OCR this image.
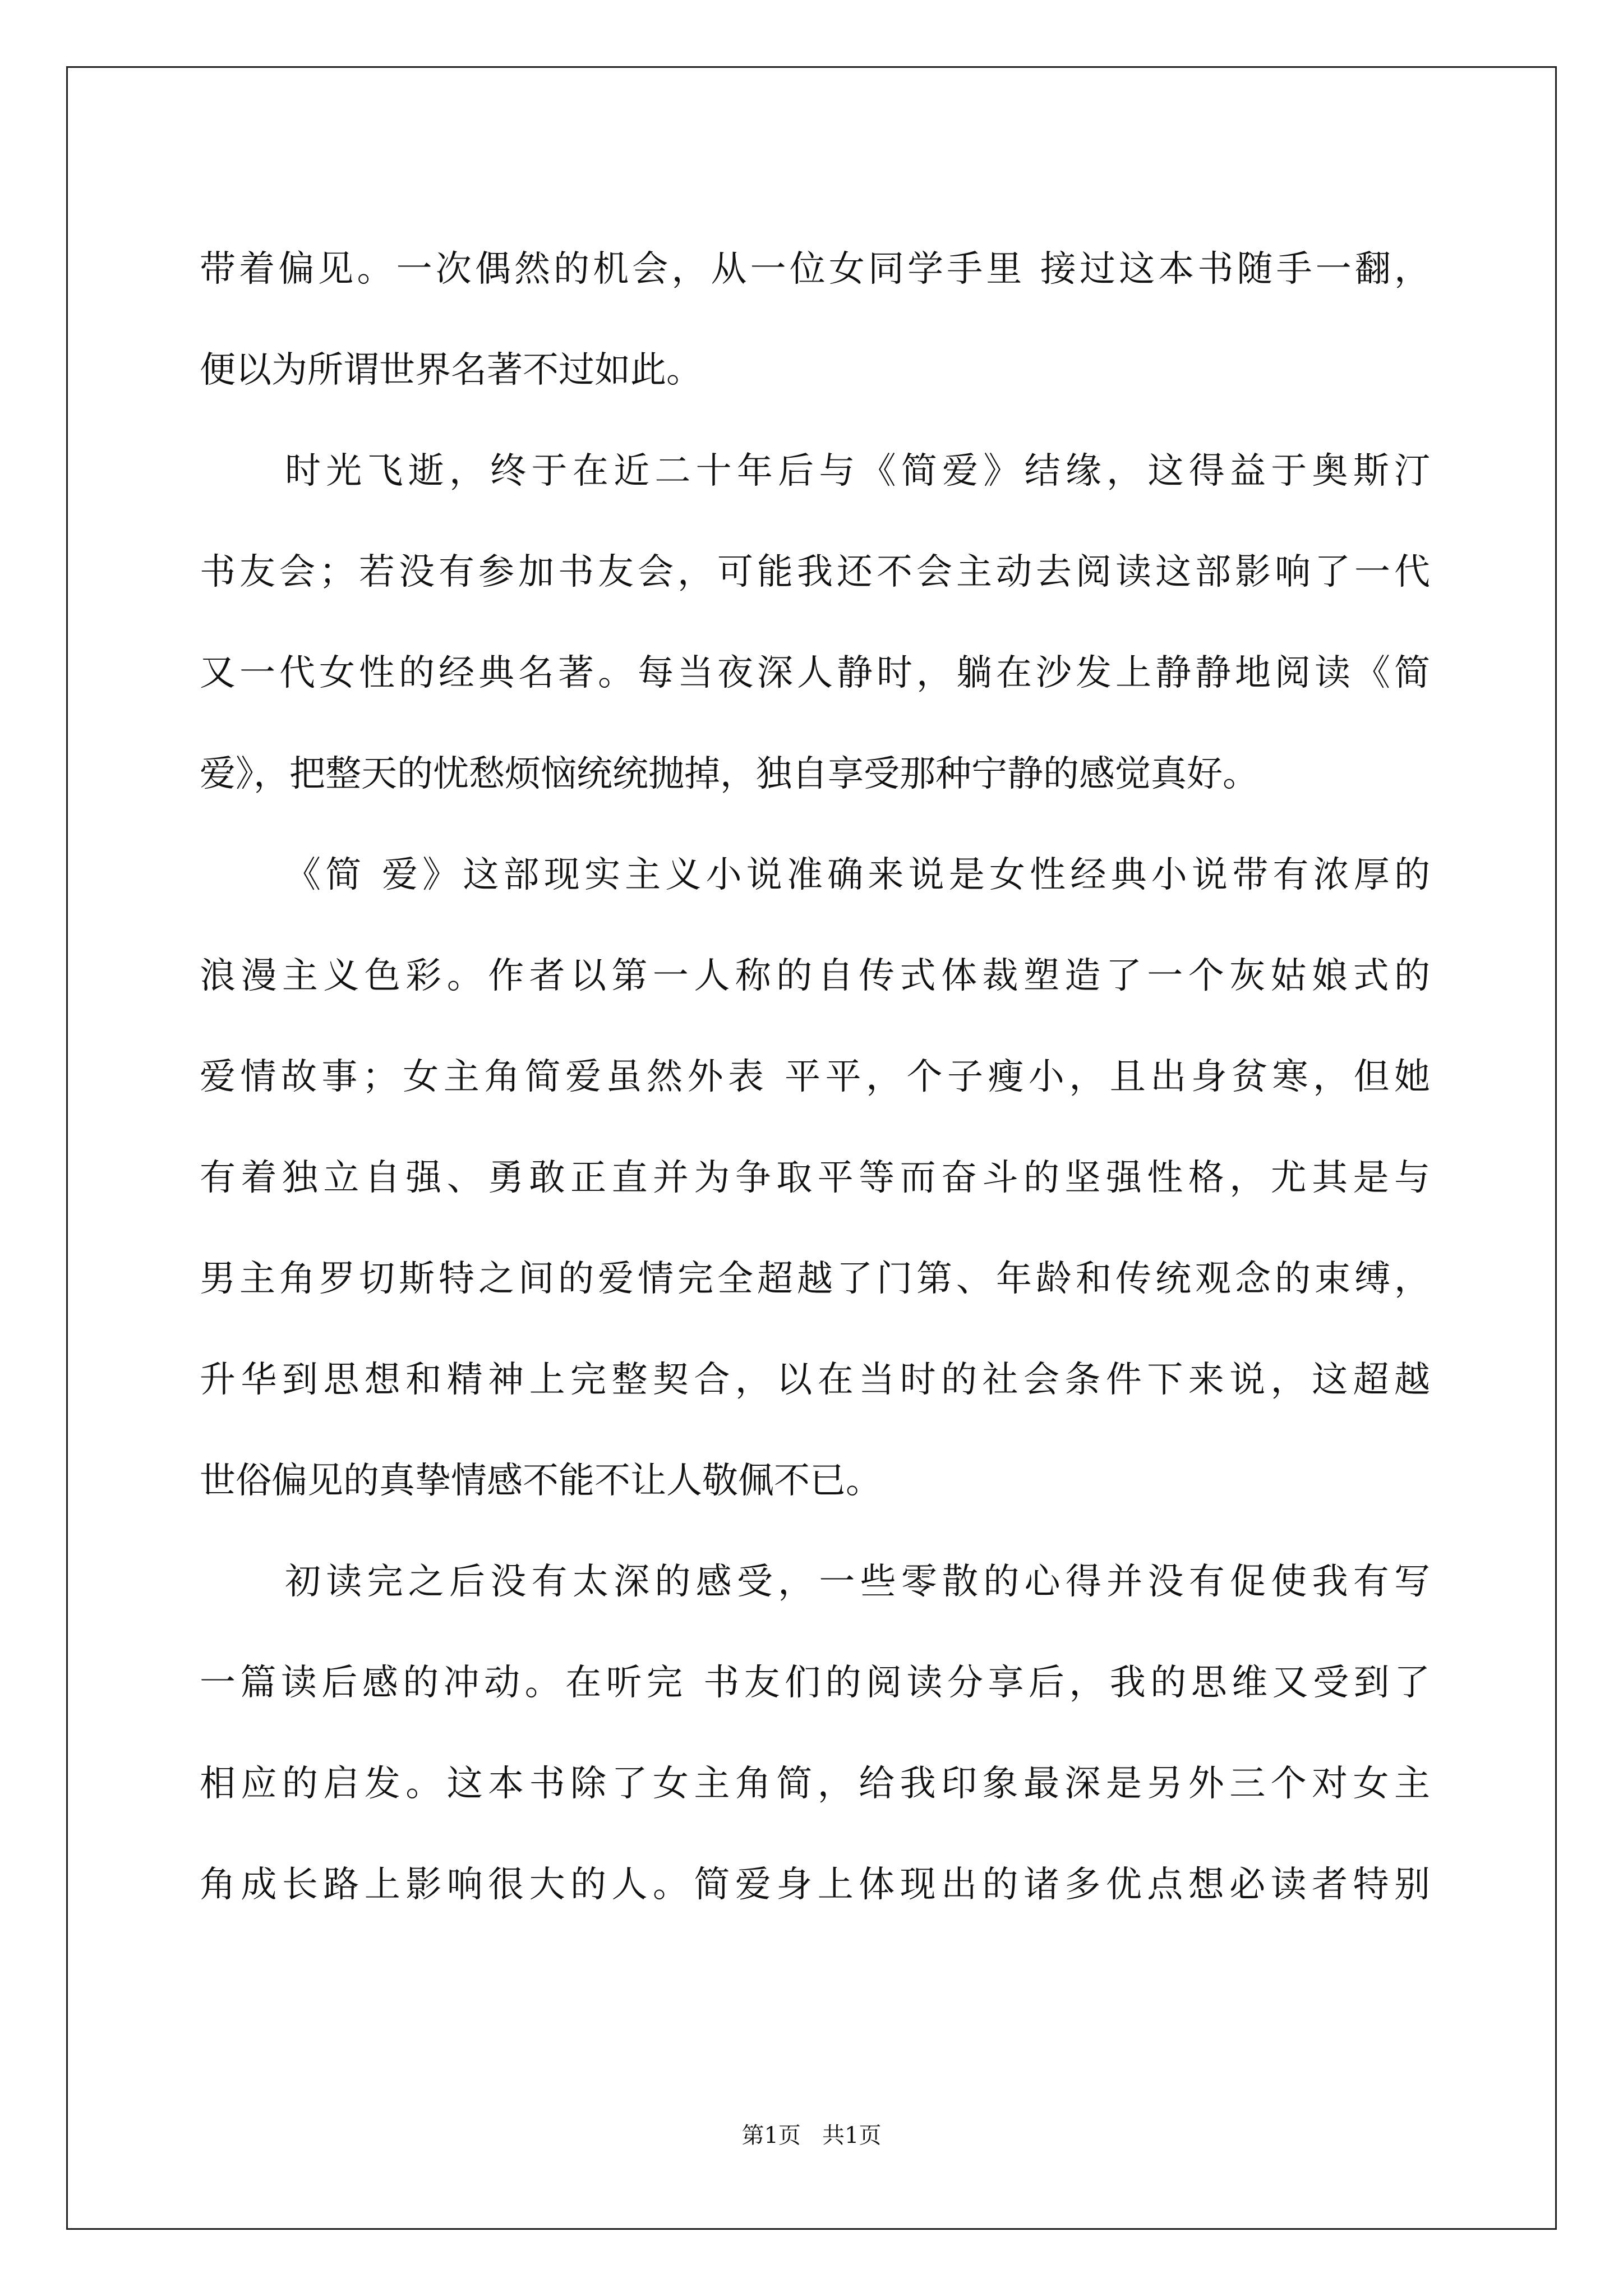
带着偏见。一次偶然的机会，从一位女同学手里 接过这本书随手一翻，
便以为所谓世界名著不过如此。
时光飞逝，终于在近二十年后与《简爱》结缘，这得益于奥斯汀
书友会；若没有参加书友会，可能我还不会主动去阅读这部影响了一代
又一代女性的经典名著。每当夜深人静时，躺在沙发上静静地阅读《简
爱》，把整天的忧愁烦恼统统抛掉，独自享受那种宁静的感觉真好。
《简 爱》这部现实主义小说准确来说是女性经典小说带有浓厚的
浪漫主义色彩。作者以第一人称的自传式体裁塑造了一个灰姑娘式的
爱情故事；女主角简爱虽然外表 平平，个子瘦小，且出身贫寒，但她
有着独立自强、勇敢正直并为争取平等而奋斗的坚强性格，尤其是与
男主角罗切斯特之间的爱情完全超越了门第、年龄和传统观念的束缚，
升华到思想和精神上完整契合，以在当时的社会条件下来说，这超越
世俗偏见的真挚情感不能不让人敬佩不已。
初读完之后没有太深的感受，一些零散的心得并没有促使我有写
一篇读后感的冲动。在听完 书友们的阅读分享后，我的思维又受到了
相应的启发。这本书除了女主角简，给我印象最深是另外三个对女主
角成长路上影响很大的人。简爱身上体现出的诸多优点想必读者特别
第1页   共1页
